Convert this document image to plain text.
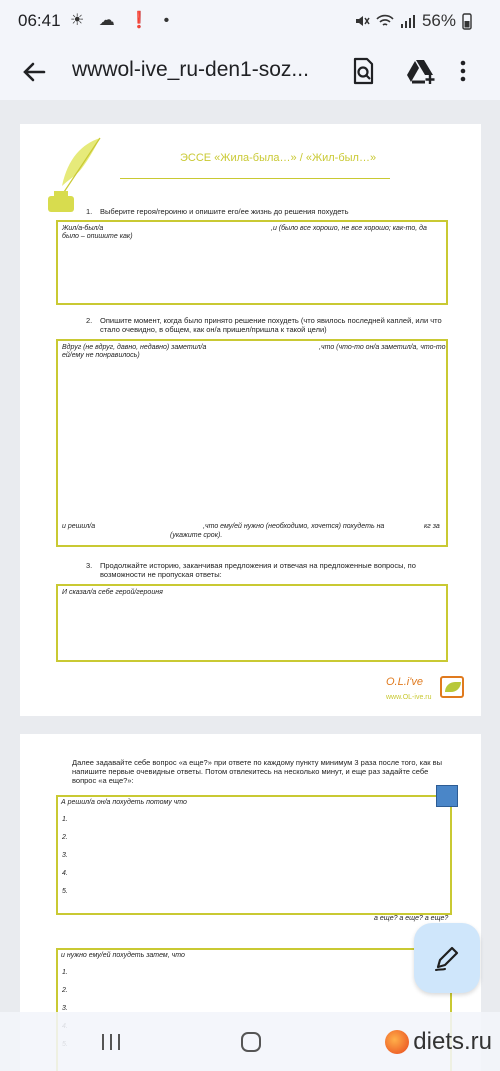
06:41 ☀ ☁ ❗ •	56%
wwwol-ive_ru-den1-soz...
ЭССЕ «Жила-была…» / «Жил-был…»
1. Выберите героя/героиню и опишите его/ее жизнь до решения похудеть
Жил/а-был/а	,и (было все хорошо, не все хорошо; как-то, да
было – опишите как)
2. Опишите момент, когда было принято решение похудеть (что явилось последней каплей, или что стало очевидно, в общем, как он/а пришел/пришла к такой цели)
Вдруг (не вдруг, давно, недавно) заметил/а	,что (что-то он/а заметил/а, что-то
ей/ему не понравилось)
и решил/а	,что ему/ей нужно (необходимо, хочется) похудеть на	кг за
(укажите срок).
3. Продолжайте историю, заканчивая предложения и отвечая на предложенные вопросы, по возможности не пропуская ответы:
И сказал/а себе герой/героиня
O.L.i've
www.OL-ive.ru
Далее задавайте себе вопрос «а еще?» при ответе по каждому пункту минимум 3 раза после того, как вы напишите первые очевидные ответы. Потом отвлекитесь на несколько минут, и еще раз задайте себе вопрос «а еще?»:
А решил/а он/а похудеть потому что
1.
2.
3.
4.
5.
а еще? а еще? а еще?
и нужно ему/ей похудеть затем, что
1.
2.
3.
diets.ru
